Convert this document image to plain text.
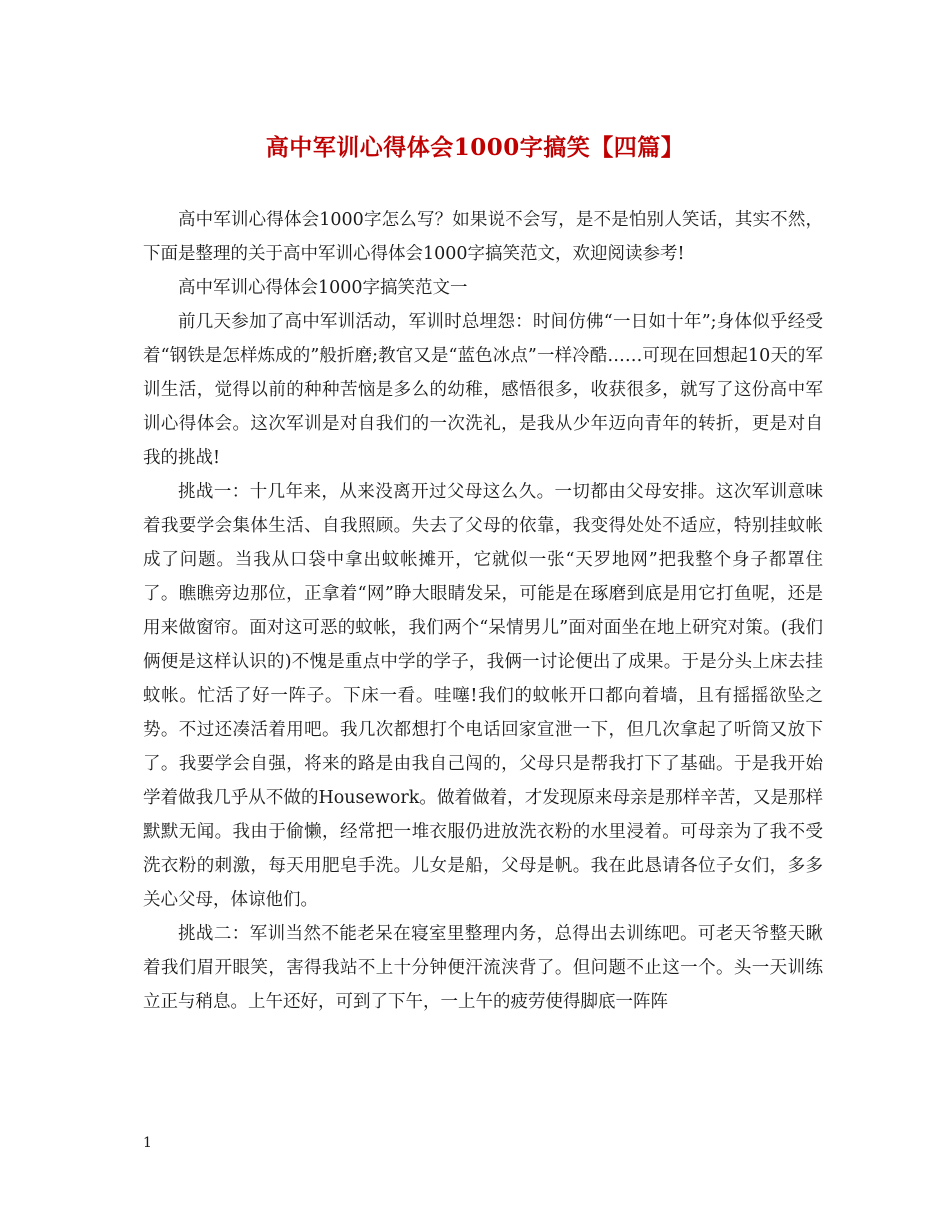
高中军训心得体会1000字搞笑【四篇】

高中军训心得体会1000字怎么写？如果说不会写，是不是怕别人笑话，其实不然，下面是整理的关于高中军训心得体会1000字搞笑范文，欢迎阅读参考!

高中军训心得体会1000字搞笑范文一

前几天参加了高中军训活动，军训时总埋怨：时间仿佛“一日如十年”;身体似乎经受着“钢铁是怎样炼成的”般折磨;教官又是“蓝色冰点”一样冷酷……可现在回想起10天的军训生活，觉得以前的种种苦恼是多么的幼稚，感悟很多，收获很多，就写了这份高中军训心得体会。这次军训是对自我们的一次洗礼，是我从少年迈向青年的转折，更是对自我的挑战!

挑战一：十几年来，从来没离开过父母这么久。一切都由父母安排。这次军训意味着我要学会集体生活、自我照顾。失去了父母的依靠，我变得处处不适应，特别挂蚊帐成了问题。当我从口袋中拿出蚊帐摊开，它就似一张“天罗地网”把我整个身子都罩住了。瞧瞧旁边那位，正拿着“网”睁大眼睛发呆，可能是在琢磨到底是用它打鱼呢，还是用来做窗帘。面对这可恶的蚊帐，我们两个“呆情男儿”面对面坐在地上研究对策。(我们俩便是这样认识的)不愧是重点中学的学子，我俩一讨论便出了成果。于是分头上床去挂蚊帐。忙活了好一阵子。下床一看。哇噻!我们的蚊帐开口都向着墙，且有摇摇欲坠之势。不过还凑活着用吧。我几次都想打个电话回家宣泄一下，但几次拿起了听筒又放下了。我要学会自强，将来的路是由我自己闯的，父母只是帮我打下了基础。于是我开始学着做我几乎从不做的Housework。做着做着，才发现原来母亲是那样辛苦，又是那样默默无闻。我由于偷懒，经常把一堆衣服仍进放洗衣粉的水里浸着。可母亲为了我不受洗衣粉的刺激，每天用肥皂手洗。儿女是船，父母是帆。我在此恳请各位子女们，多多关心父母，体谅他们。

挑战二：军训当然不能老呆在寝室里整理内务，总得出去训练吧。可老天爷整天瞅着我们眉开眼笑，害得我站不上十分钟便汗流浃背了。但问题不止这一个。头一天训练立正与稍息。上午还好，可到了下午，一上午的疲劳使得脚底一阵阵

1
